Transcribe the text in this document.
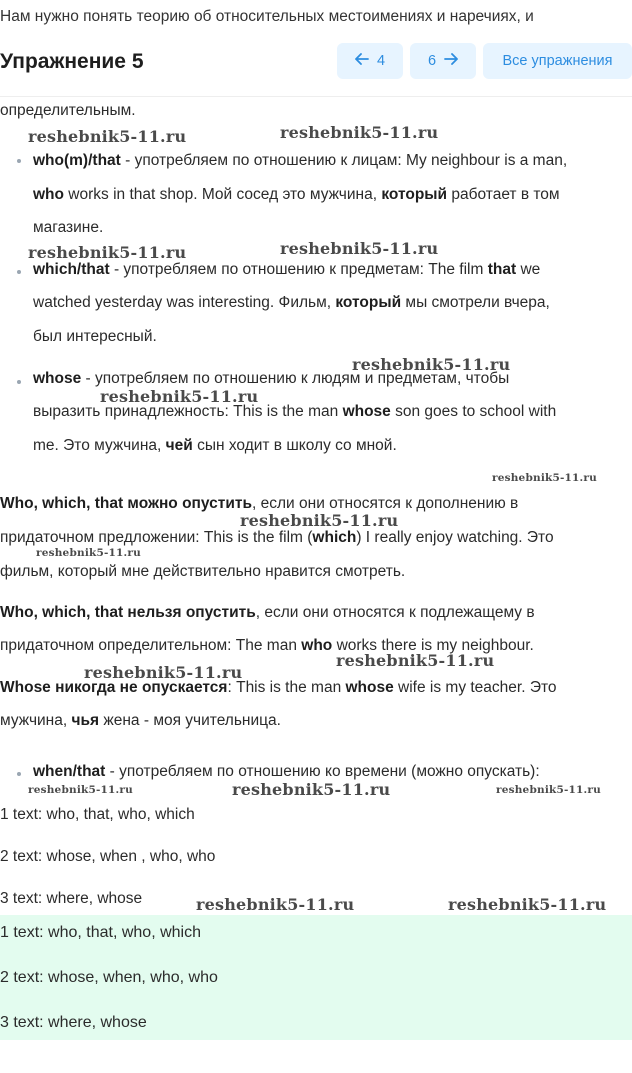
Нам нужно понять теорию об относительных местоимениях и наречиях, и
Упражнение 5	4	6	Все упражнения
определительным.
who(m)/that - употребляем по отношению к лицам: My neighbour is a man,
who works in that shop. Мой сосед это мужчина, который работает в том
магазине.
which/that - употребляем по отношению к предметам: The film that we
watched yesterday was interesting. Фильм, который мы смотрели вчера,
был интересный.
whose - употребляем по отношению к людям и предметам, чтобы
выразить принадлежность: This is the man whose son goes to school with
me. Это мужчина, чей сын ходит в школу со мной.
Who, which, that можно опустить, если они относятся к дополнению в
придаточном предложении: This is the film (which) I really enjoy watching. Это
фильм, который мне действительно нравится смотреть.
Who, which, that нельзя опустить, если они относятся к подлежащему в
придаточном определительном: The man who works there is my neighbour.
Whose никогда не опускается: This is the man whose wife is my teacher. Это
мужчина, чья жена - моя учительница.
when/that - употребляем по отношению ко времени (можно опускать):
1 text: who, that, who, which
2 text: whose, when , who, who
3 text: where, whose
1 text: who, that, who, which
2 text: whose, when, who, who
3 text: where, whose
reshebnik5-11.ru	reshebnik5-11.ru
reshebnik5-11.ru	reshebnik5-11.ru
reshebnik5-11.ru
reshebnik5-11.ru
reshebnik5-11.ru
reshebnik5-11.ru
reshebnik5-11.ru
reshebnik5-11.ru
reshebnik5-11.ru
reshebnik5-11.ru	reshebnik5-11.ru	reshebnik5-11.ru
reshebnik5-11.ru	reshebnik5-11.ru
